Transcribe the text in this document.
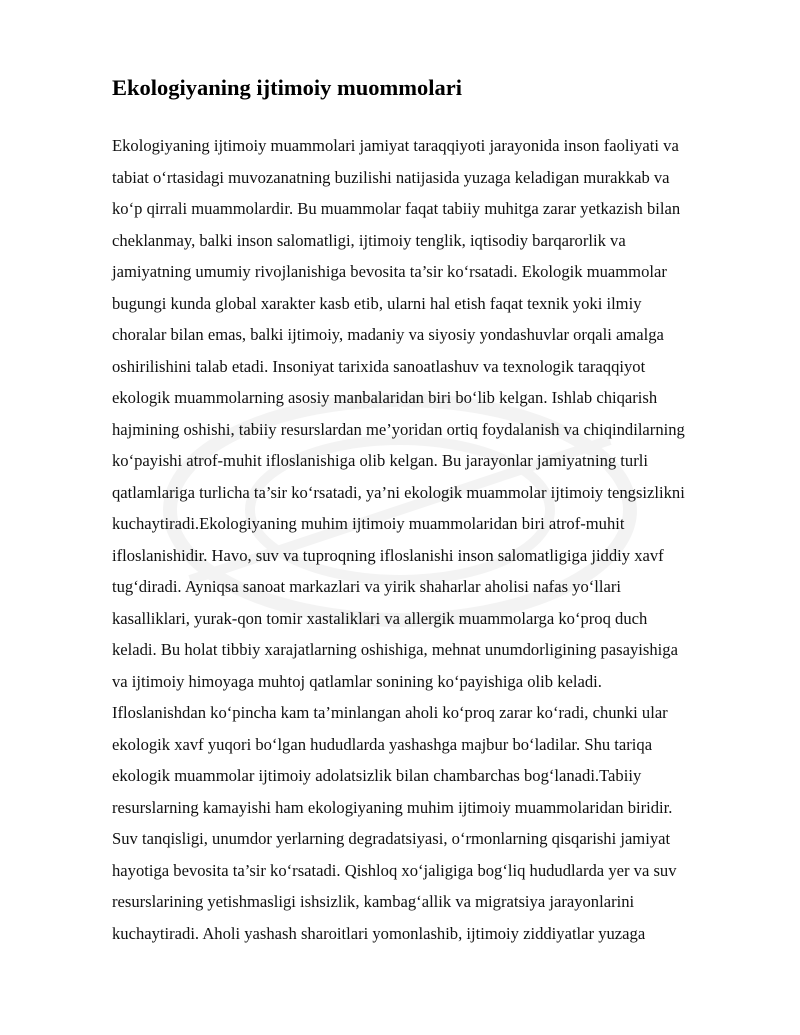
Ekologiyaning ijtimoiy muommolari
Ekologiyaning ijtimoiy muammolari jamiyat taraqqiyoti jarayonida inson faoliyati va
tabiat o‘rtasidagi muvozanatning buzilishi natijasida yuzaga keladigan murakkab va
ko‘p qirrali muammolardir. Bu muammolar faqat tabiiy muhitga zarar yetkazish bilan
cheklanmay, balki inson salomatligi, ijtimoiy tenglik, iqtisodiy barqarorlik va
jamiyatning umumiy rivojlanishiga bevosita ta’sir ko‘rsatadi. Ekologik muammolar
bugungi kunda global xarakter kasb etib, ularni hal etish faqat texnik yoki ilmiy
choralar bilan emas, balki ijtimoiy, madaniy va siyosiy yondashuvlar orqali amalga
oshirilishini talab etadi. Insoniyat tarixida sanoatlashuv va texnologik taraqqiyot
ekologik muammolarning asosiy manbalaridan biri bo‘lib kelgan. Ishlab chiqarish
hajmining oshishi, tabiiy resurslardan me’yoridan ortiq foydalanish va chiqindilarning
ko‘payishi atrof-muhit ifloslanishiga olib kelgan. Bu jarayonlar jamiyatning turli
qatlamlariga turlicha ta’sir ko‘rsatadi, ya’ni ekologik muammolar ijtimoiy tengsizlikni
kuchaytiradi.Ekologiyaning muhim ijtimoiy muammolaridan biri atrof-muhit
ifloslanishidir. Havo, suv va tuproqning ifloslanishi inson salomatligiga jiddiy xavf
tug‘diradi. Ayniqsa sanoat markazlari va yirik shaharlar aholisi nafas yo‘llari
kasalliklari, yurak-qon tomir xastaliklari va allergik muammolarga ko‘proq duch
keladi. Bu holat tibbiy xarajatlarning oshishiga, mehnat unumdorligining pasayishiga
va ijtimoiy himoyaga muhtoj qatlamlar sonining ko‘payishiga olib keladi.
Ifloslanishdan ko‘pincha kam ta’minlangan aholi ko‘proq zarar ko‘radi, chunki ular
ekologik xavf yuqori bo‘lgan hududlarda yashashga majbur bo‘ladilar. Shu tariqa
ekologik muammolar ijtimoiy adolatsizlik bilan chambarchas bog‘lanadi.Tabiiy
resurslarning kamayishi ham ekologiyaning muhim ijtimoiy muammolaridan biridir.
Suv tanqisligi, unumdor yerlarning degradatsiyasi, o‘rmonlarning qisqarishi jamiyat
hayotiga bevosita ta’sir ko‘rsatadi. Qishloq xo‘jaligiga bog‘liq hududlarda yer va suv
resurslarining yetishmasligi ishsizlik, kambag‘allik va migratsiya jarayonlarini
kuchaytiradi. Aholi yashash sharoitlari yomonlashib, ijtimoiy ziddiyatlar yuzaga
